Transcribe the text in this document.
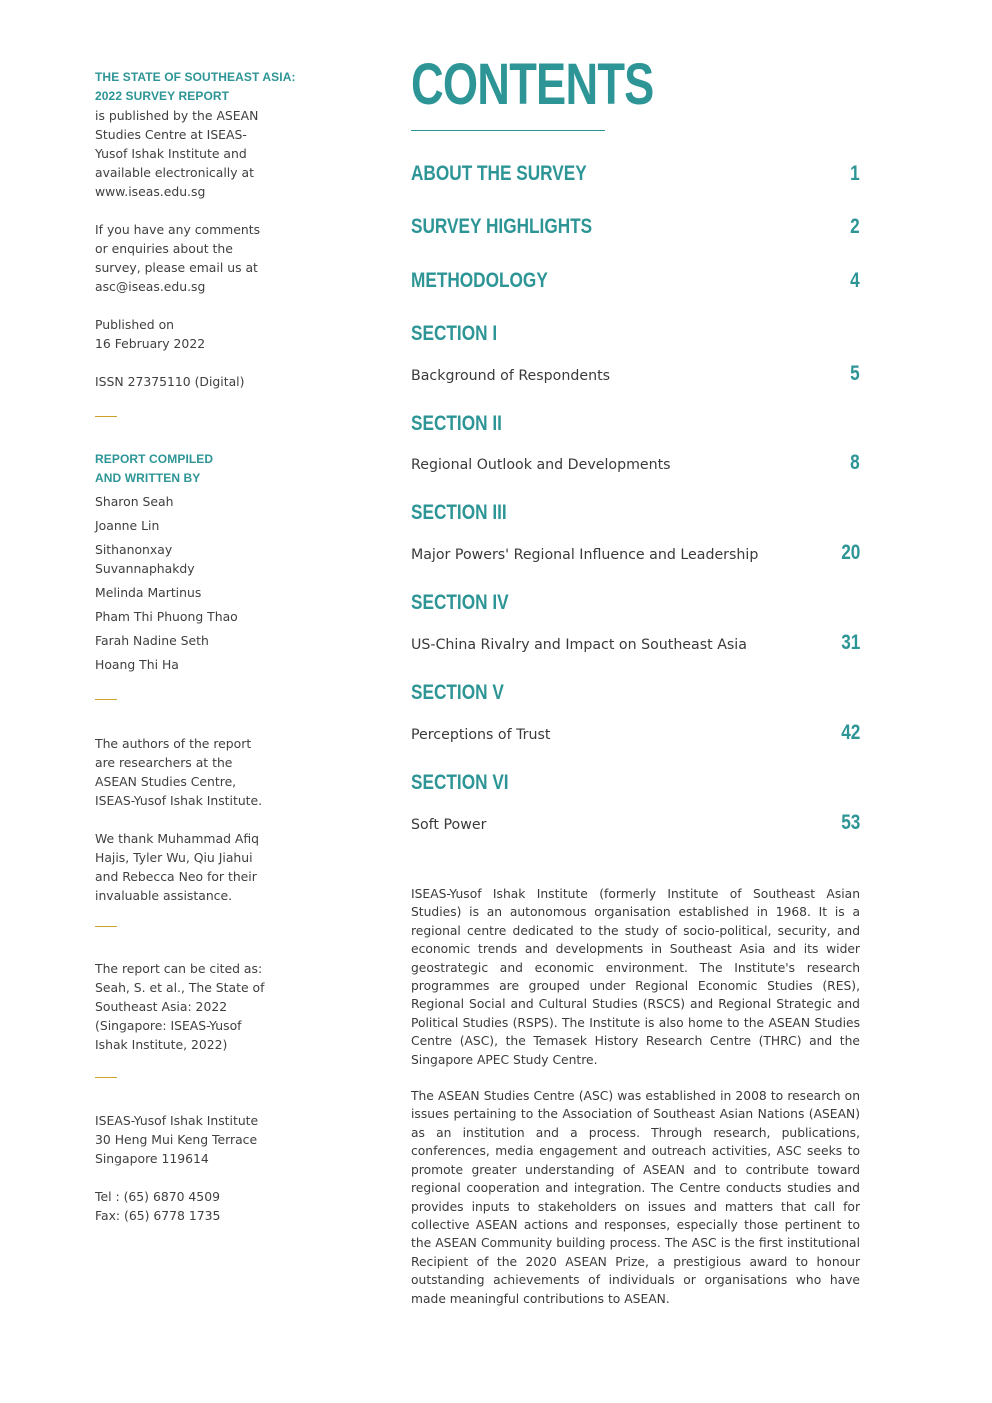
THE STATE OF SOUTHEAST ASIA:
2022 SURVEY REPORT

is published by the ASEAN Studies Centre at ISEAS-Yusof Ishak Institute and available electronically at www.iseas.edu.sg

If you have any comments or enquiries about the survey, please email us at asc@iseas.edu.sg

Published on

16 February 2022

ISSN 27375110 (Digital)

REPORT COMPILED
AND WRITTEN BY
Sharon Seah
Joanne Lin
Sithanonxay Suvannaphakdy
Melinda Martinus
Pham Thi Phuong Thao
Farah Nadine Seth
Hoang Thi Ha

The authors of the report are researchers at the ASEAN Studies Centre, ISEAS-Yusof Ishak Institute.

We thank Muhammad Afiq Hajis, Tyler Wu, Qiu Jiahui and Rebecca Neo for their invaluable assistance.

The report can be cited as: Seah, S. et al., The State of Southeast Asia: 2022 (Singapore: ISEAS-Yusof Ishak Institute, 2022)

ISEAS-Yusof Ishak Institute

30 Heng Mui Keng Terrace

Singapore 119614

Tel : (65) 6870 4509

Fax: (65) 6778 1735

CONTENTS
ABOUT THE SURVEY	1
SURVEY HIGHLIGHTS	2
METHODOLOGY	4
SECTION I
Background of Respondents	5
SECTION II
Regional Outlook and Developments	8
SECTION III
Major Powers' Regional Influence and Leadership	20
SECTION IV
US-China Rivalry and Impact on Southeast Asia	31
SECTION V
Perceptions of Trust	42
SECTION VI
Soft Power	53

ISEAS-Yusof Ishak Institute (formerly Institute of Southeast Asian Studies) is an autonomous organisation established in 1968. It is a regional centre dedicated to the study of socio-political, security, and economic trends and developments in Southeast Asia and its wider geostrategic and economic environment. The Institute's research programmes are grouped under Regional Economic Studies (RES), Regional Social and Cultural Studies (RSCS) and Regional Strategic and Political Studies (RSPS). The Institute is also home to the ASEAN Studies Centre (ASC), the Temasek History Research Centre (THRC) and the Singapore APEC Study Centre.

The ASEAN Studies Centre (ASC) was established in 2008 to research on issues pertaining to the Association of Southeast Asian Nations (ASEAN) as an institution and a process. Through research, publications, conferences, media engagement and outreach activities, ASC seeks to promote greater understanding of ASEAN and to contribute toward regional cooperation and integration. The Centre conducts studies and provides inputs to stakeholders on issues and matters that call for collective ASEAN actions and responses, especially those pertinent to the ASEAN Community building process. The ASC is the first institutional Recipient of the 2020 ASEAN Prize, a prestigious award to honour outstanding achievements of individuals or organisations who have made meaningful contributions to ASEAN.
